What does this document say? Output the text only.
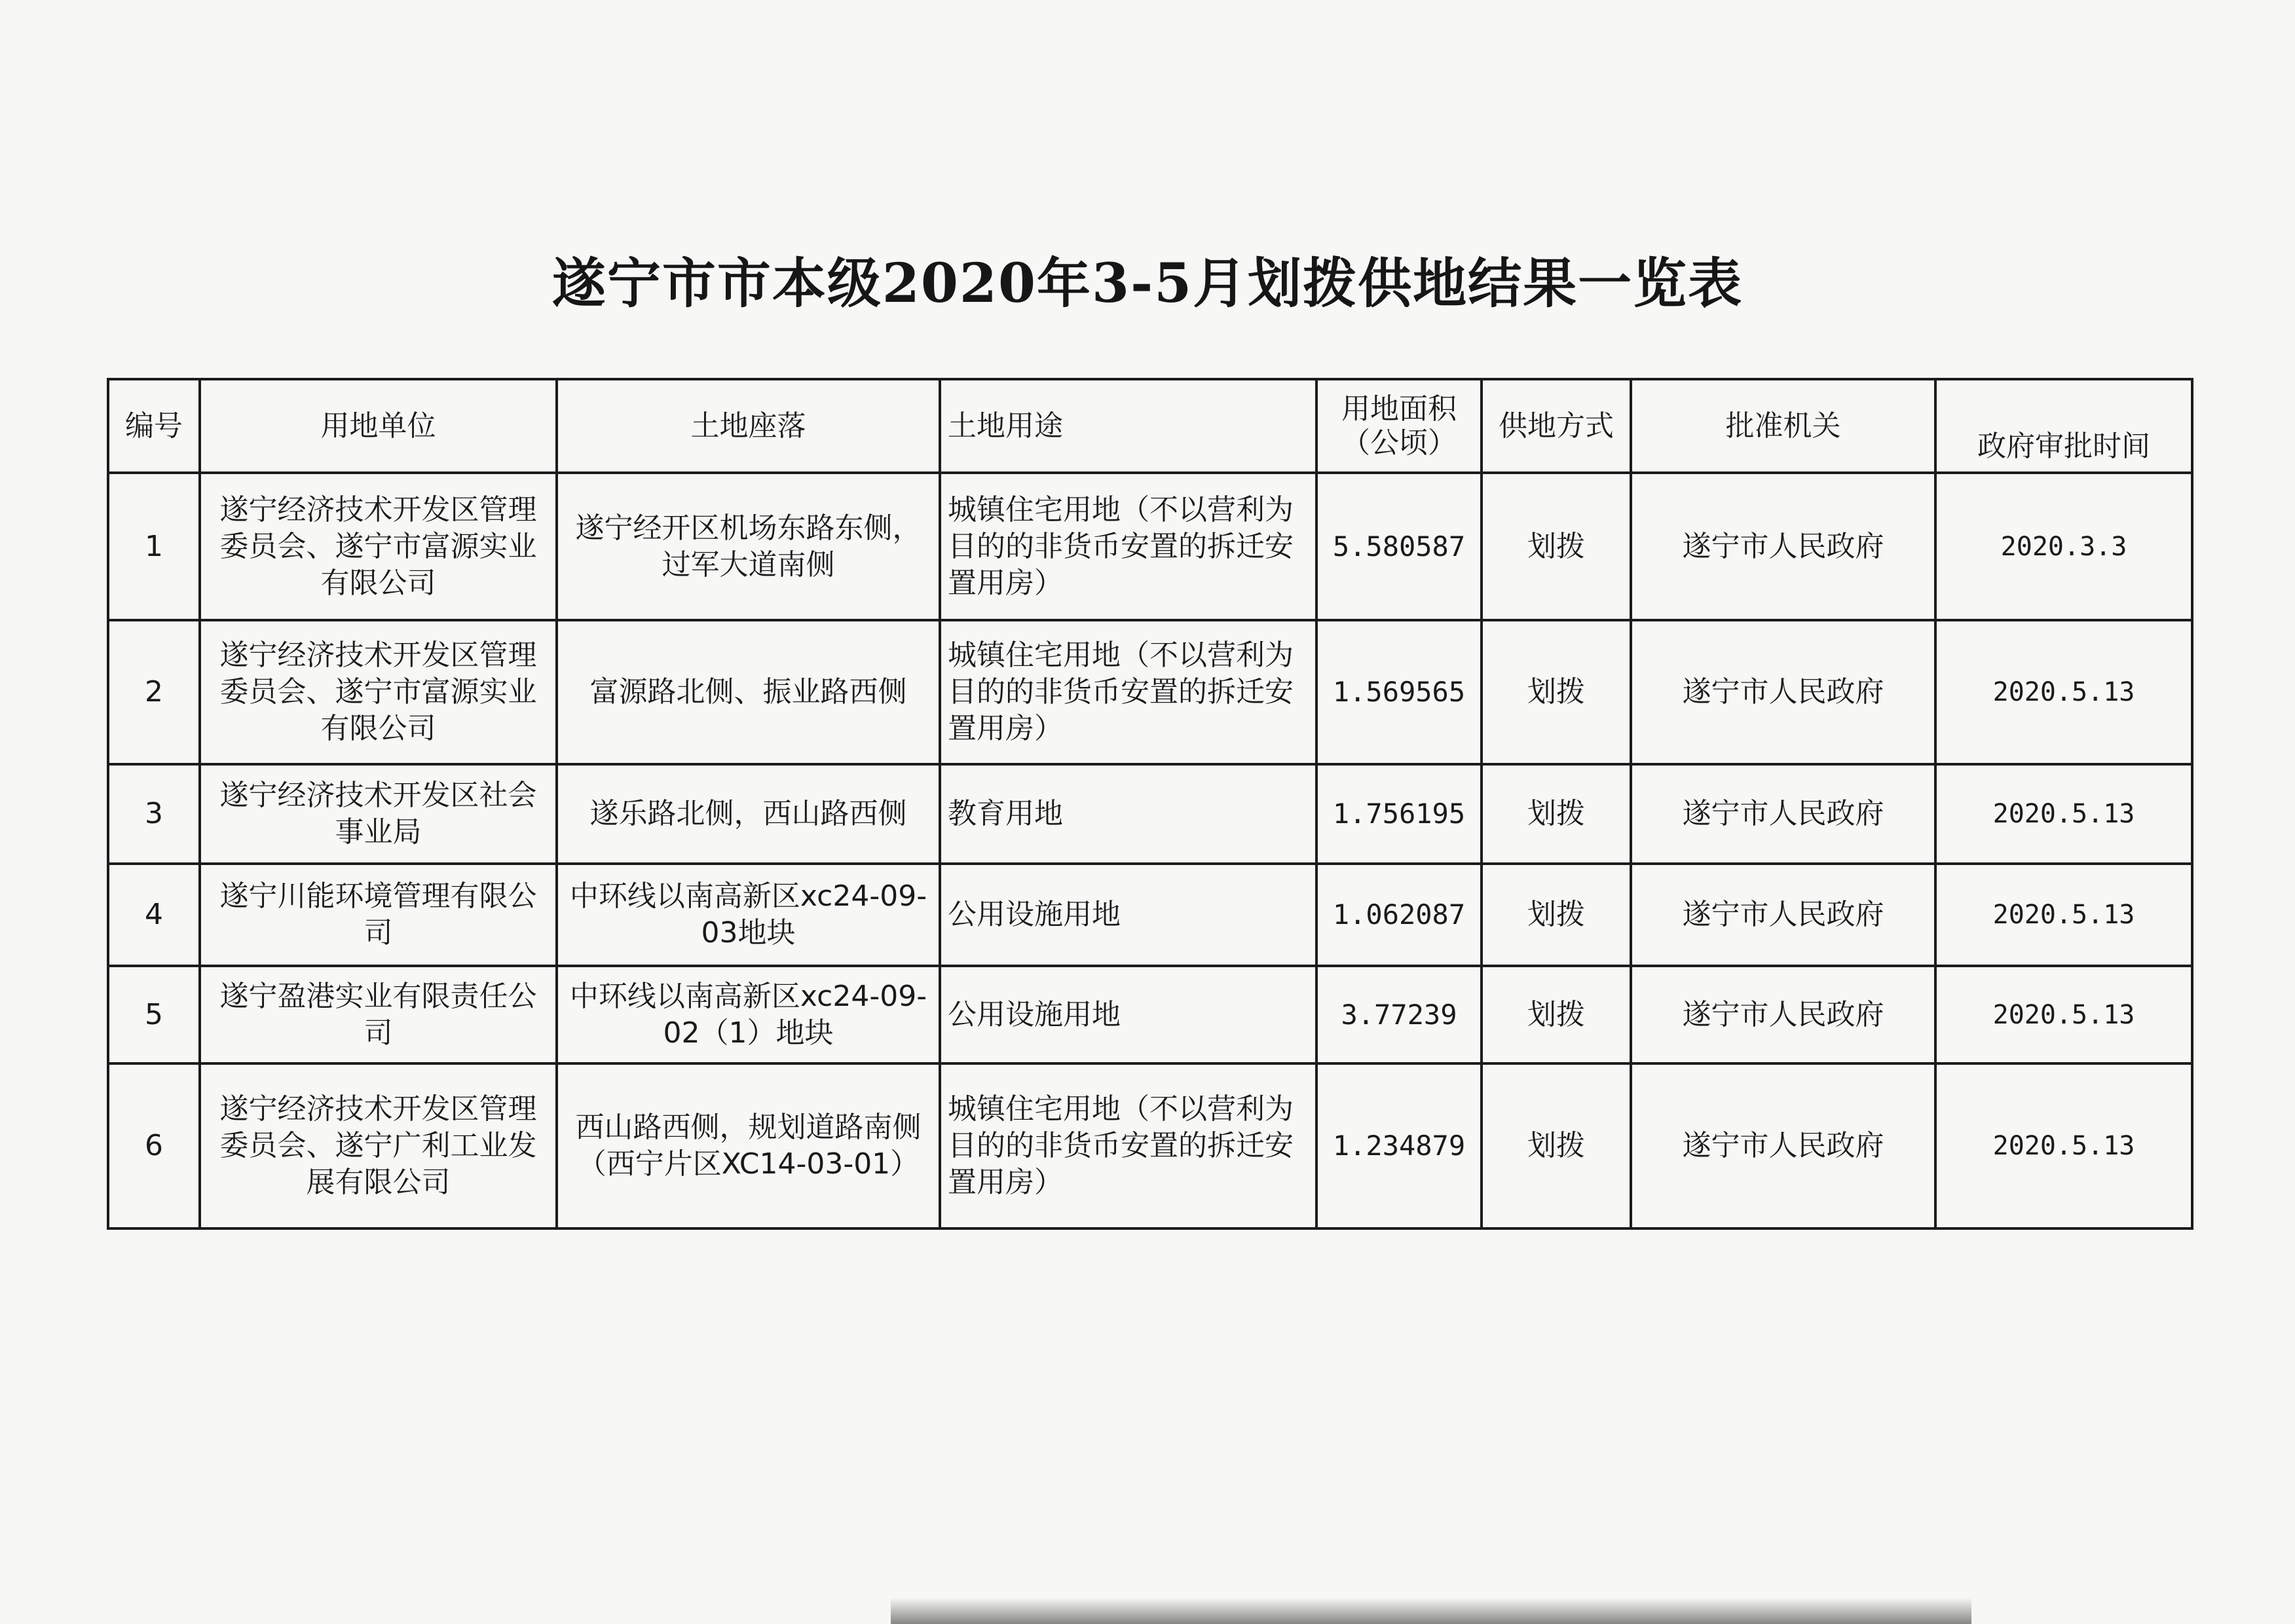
遂宁市市本级2020年3-5月划拨供地结果一览表
编号	用地单位	土地座落	土地用途	用地面积
（公顷）	供地方式	批准机关	政府审批时间
1	遂宁经济技术开发区管理
委员会、遂宁市富源实业
有限公司	遂宁经开区机场东路东侧，
过军大道南侧	城镇住宅用地（不以营利为
目的的非货币安置的拆迁安
置用房）	5.580587	划拨	遂宁市人民政府	2020.3.3
2	遂宁经济技术开发区管理
委员会、遂宁市富源实业
有限公司	富源路北侧、振业路西侧	城镇住宅用地（不以营利为
目的的非货币安置的拆迁安
置用房）	1.569565	划拨	遂宁市人民政府	2020.5.13
3	遂宁经济技术开发区社会
事业局	遂乐路北侧，西山路西侧	教育用地	1.756195	划拨	遂宁市人民政府	2020.5.13
4	遂宁川能环境管理有限公
司	中环线以南高新区xc24-09-
03地块	公用设施用地	1.062087	划拨	遂宁市人民政府	2020.5.13
5	遂宁盈港实业有限责任公
司	中环线以南高新区xc24-09-
02（1）地块	公用设施用地	3.77239	划拨	遂宁市人民政府	2020.5.13
6	遂宁经济技术开发区管理
委员会、遂宁广利工业发
展有限公司	西山路西侧，规划道路南侧
（西宁片区XC14-03-01）	城镇住宅用地（不以营利为
目的的非货币安置的拆迁安
置用房）	1.234879	划拨	遂宁市人民政府	2020.5.13
